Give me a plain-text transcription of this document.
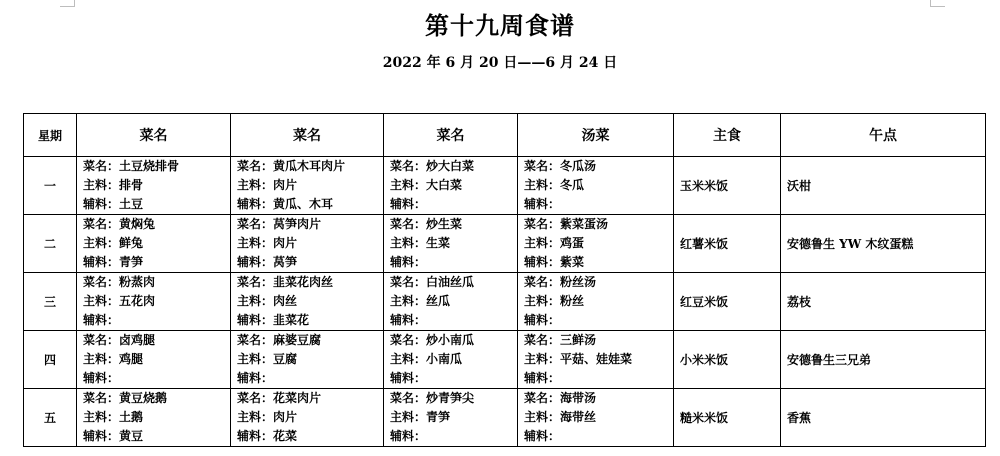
第十九周食谱
2022 年 6 月 20 日——6 月 24 日
星期	菜名	菜名	菜名	汤菜	主食	午点
一	菜名：土豆烧排骨
主料：排骨
辅料：土豆	菜名：黄瓜木耳肉片
主料：肉片
辅料：黄瓜、木耳	菜名：炒大白菜
主料：大白菜
辅料：	菜名：冬瓜汤
主料：冬瓜
辅料：	玉米米饭	沃柑
二	菜名：黄焖兔
主料：鲜兔
辅料：青笋	菜名：莴笋肉片
主料：肉片
辅料：莴笋	菜名：炒生菜
主料：生菜
辅料：	菜名：紫菜蛋汤
主料：鸡蛋
辅料：紫菜	红薯米饭	安德鲁生 YW 木纹蛋糕
三	菜名：粉蒸肉
主料：五花肉
辅料：	菜名：韭菜花肉丝
主料：肉丝
辅料：韭菜花	菜名：白油丝瓜
主料：丝瓜
辅料：	菜名：粉丝汤
主料：粉丝
辅料：	红豆米饭	荔枝
四	菜名：卤鸡腿
主料：鸡腿
辅料：	菜名：麻婆豆腐
主料：豆腐
辅料：	菜名：炒小南瓜
主料：小南瓜
辅料：	菜名：三鲜汤
主料：平菇、娃娃菜
辅料：	小米米饭	安德鲁生三兄弟
五	菜名：黄豆烧鹅
主料：土鹅
辅料：黄豆	菜名：花菜肉片
主料：肉片
辅料：花菜	菜名：炒青笋尖
主料：青笋
辅料：	菜名：海带汤
主料：海带丝
辅料：	糙米米饭	香蕉
